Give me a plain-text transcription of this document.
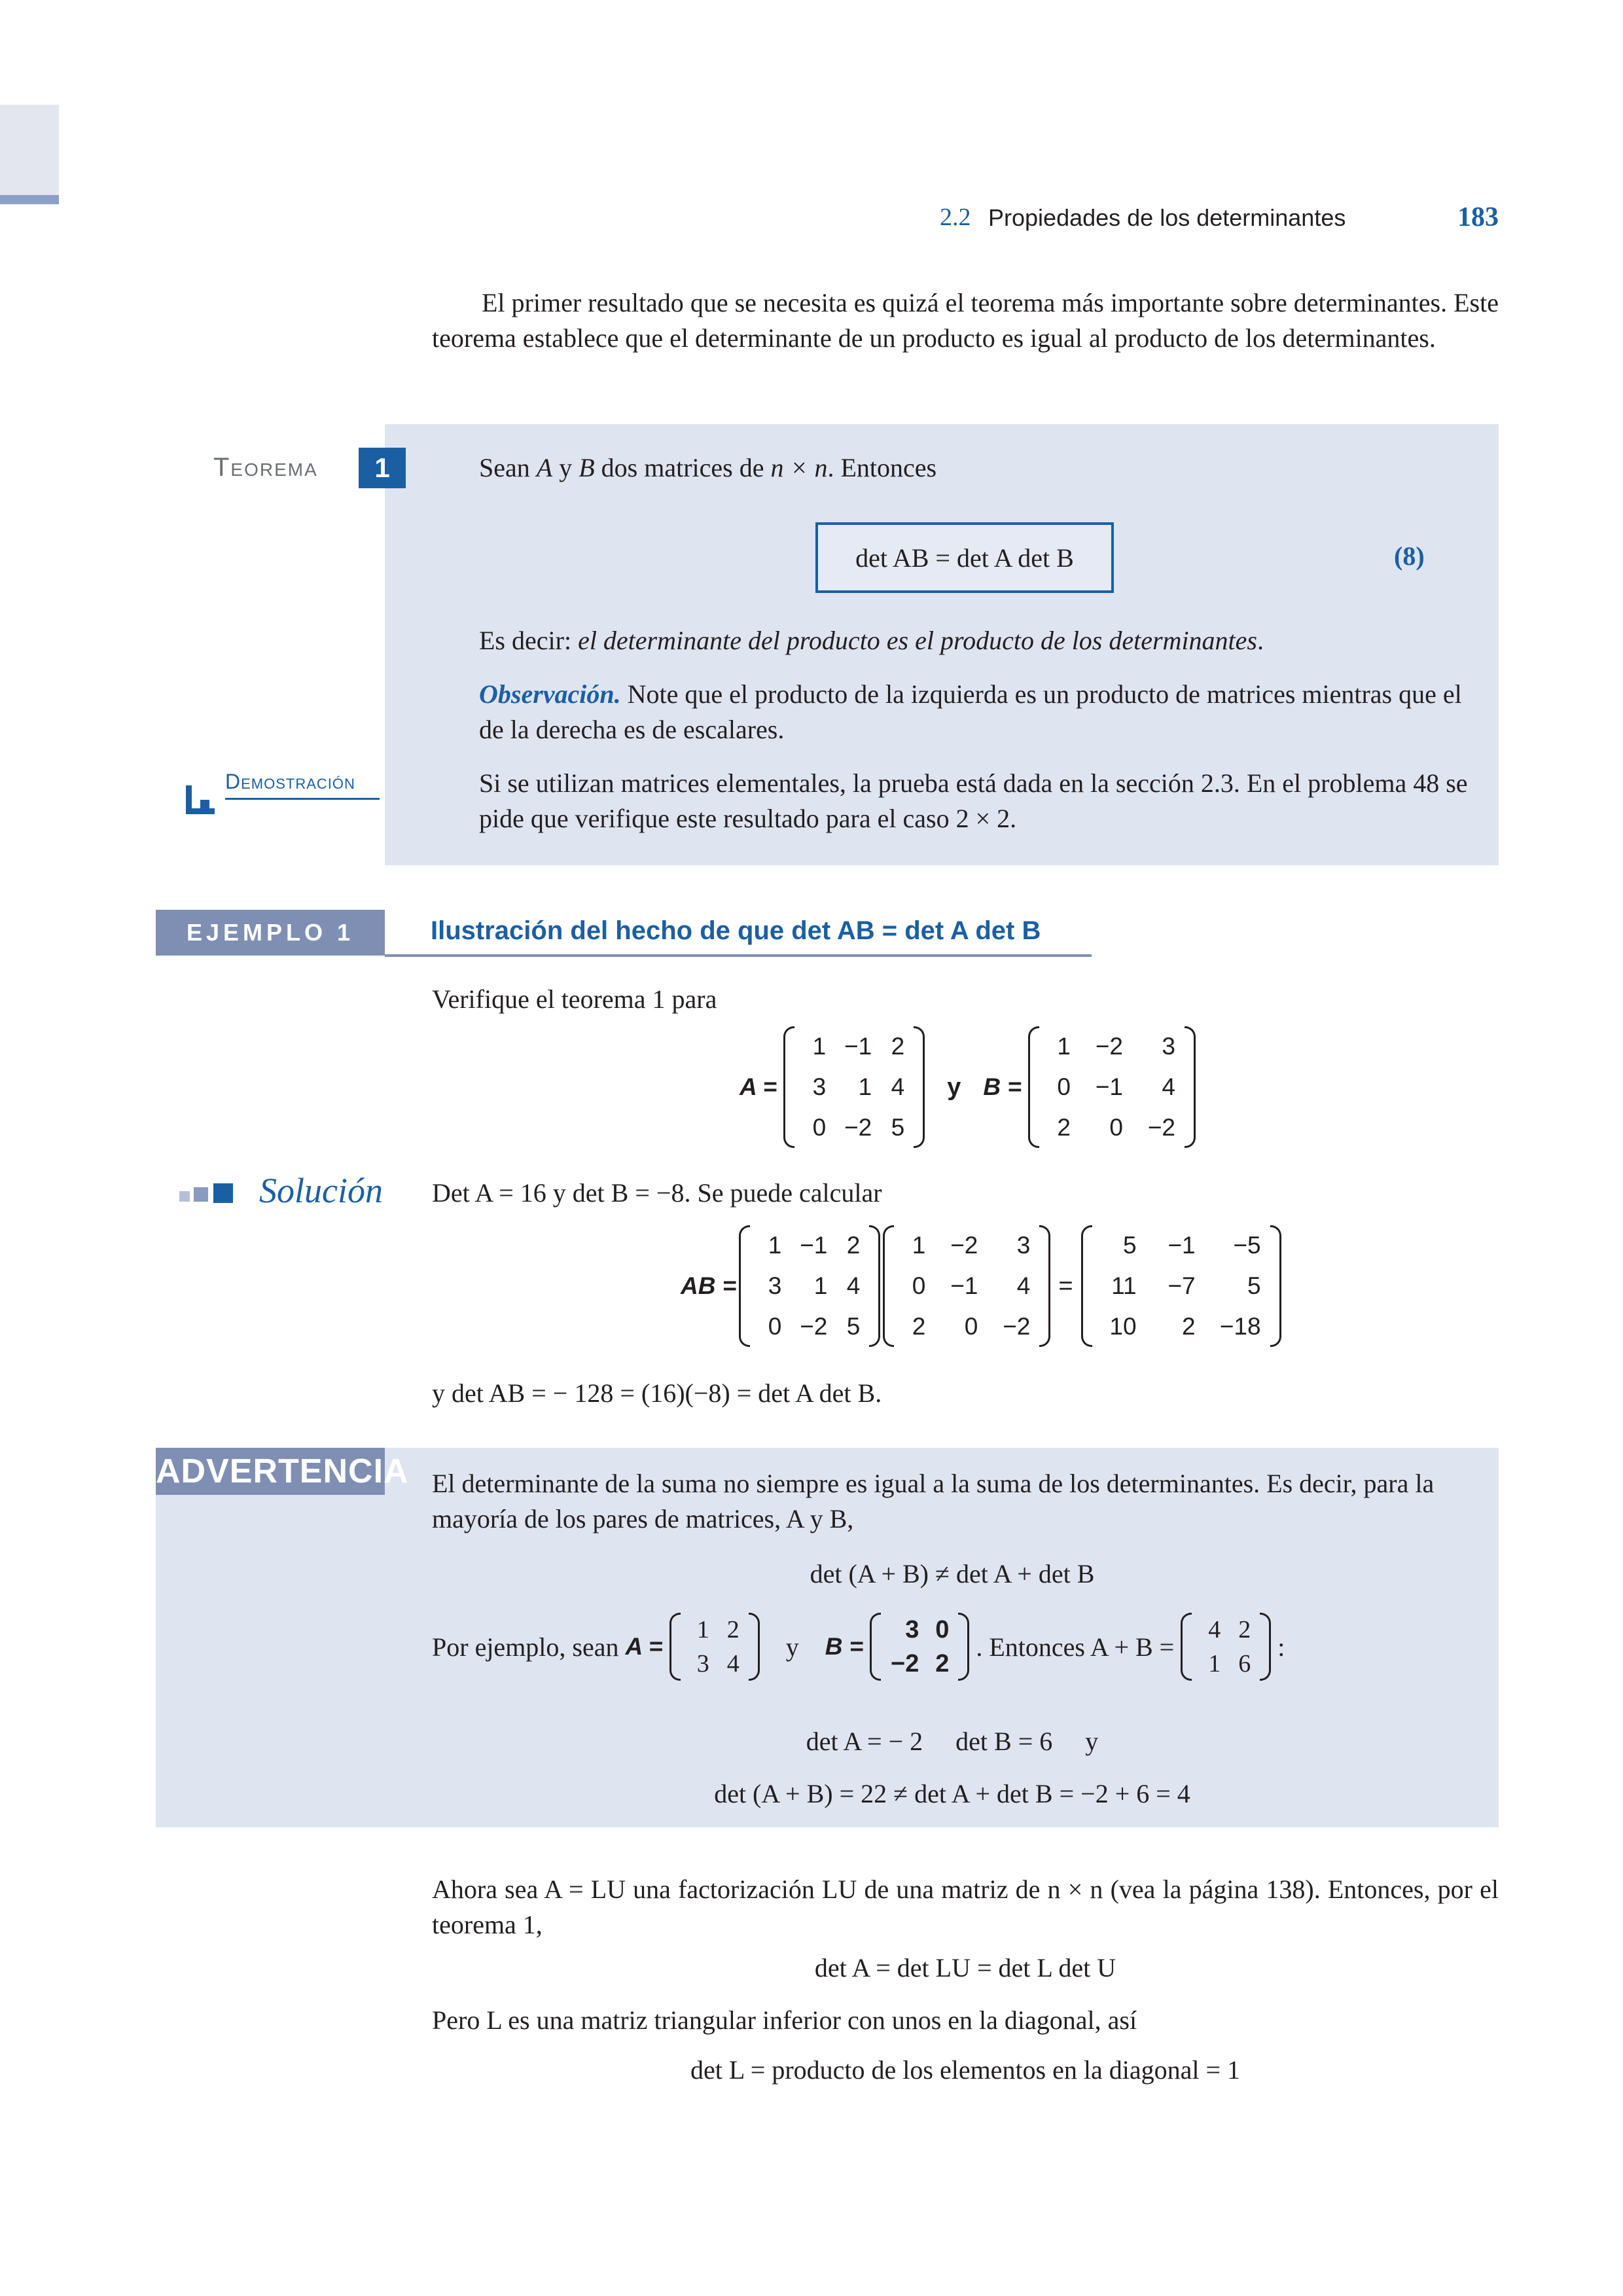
2.2 Propiedades de los determinantes	183
El primer resultado que se necesita es quizá el teorema más importante sobre determinantes. Este teorema establece que el determinante de un producto es igual al producto de los determinantes.
Teorema	1	Sean A y B dos matrices de n × n. Entonces
det AB = det A det B	(8)
Es decir: el determinante del producto es el producto de los determinantes.
Observación. Note que el producto de la izquierda es un producto de matrices mientras que el de la derecha es de escalares.
Demostración	Si se utilizan matrices elementales, la prueba está dada en la sección 2.3. En el problema 48 se pide que verifique este resultado para el caso 2 × 2.
EJEMPLO 1	Ilustración del hecho de que det AB = det A det B
Verifique el teorema 1 para
A =
1 −1 2
3	1 4
0 −2 5
y B =
1	−2	3
0	−1	4
2	0	−2
Solución Det A = 16 y det B = −8. Se puede calcular
AB =
1 −1 2
3	1 4
0 −2 5
1	−2	3
0	−1	4
2	0	−2
=
5	−1	−5
11	−7	5
10	2	−18
y det AB = − 128 = (16)(−8) = det A det B.
ADVERTENCIA El determinante de la suma no siempre es igual a la suma de los determinantes. Es decir, para la mayoría de los pares de matrices, A y B,
det (A + B) ≠ det A + det B
Por ejemplo, sean A =
1 2
3 4
y B =
3 0
−2 2
. Entonces A + B =
4 2
1 6
:
det A = − 2     det B = 6     y
det (A + B) = 22 ≠ det A + det B = −2 + 6 = 4
Ahora sea A = LU una factorización LU de una matriz de n × n (vea la página 138). Entonces, por el teorema 1,
det A = det LU = det L det U
Pero L es una matriz triangular inferior con unos en la diagonal, así
det L = producto de los elementos en la diagonal = 1
